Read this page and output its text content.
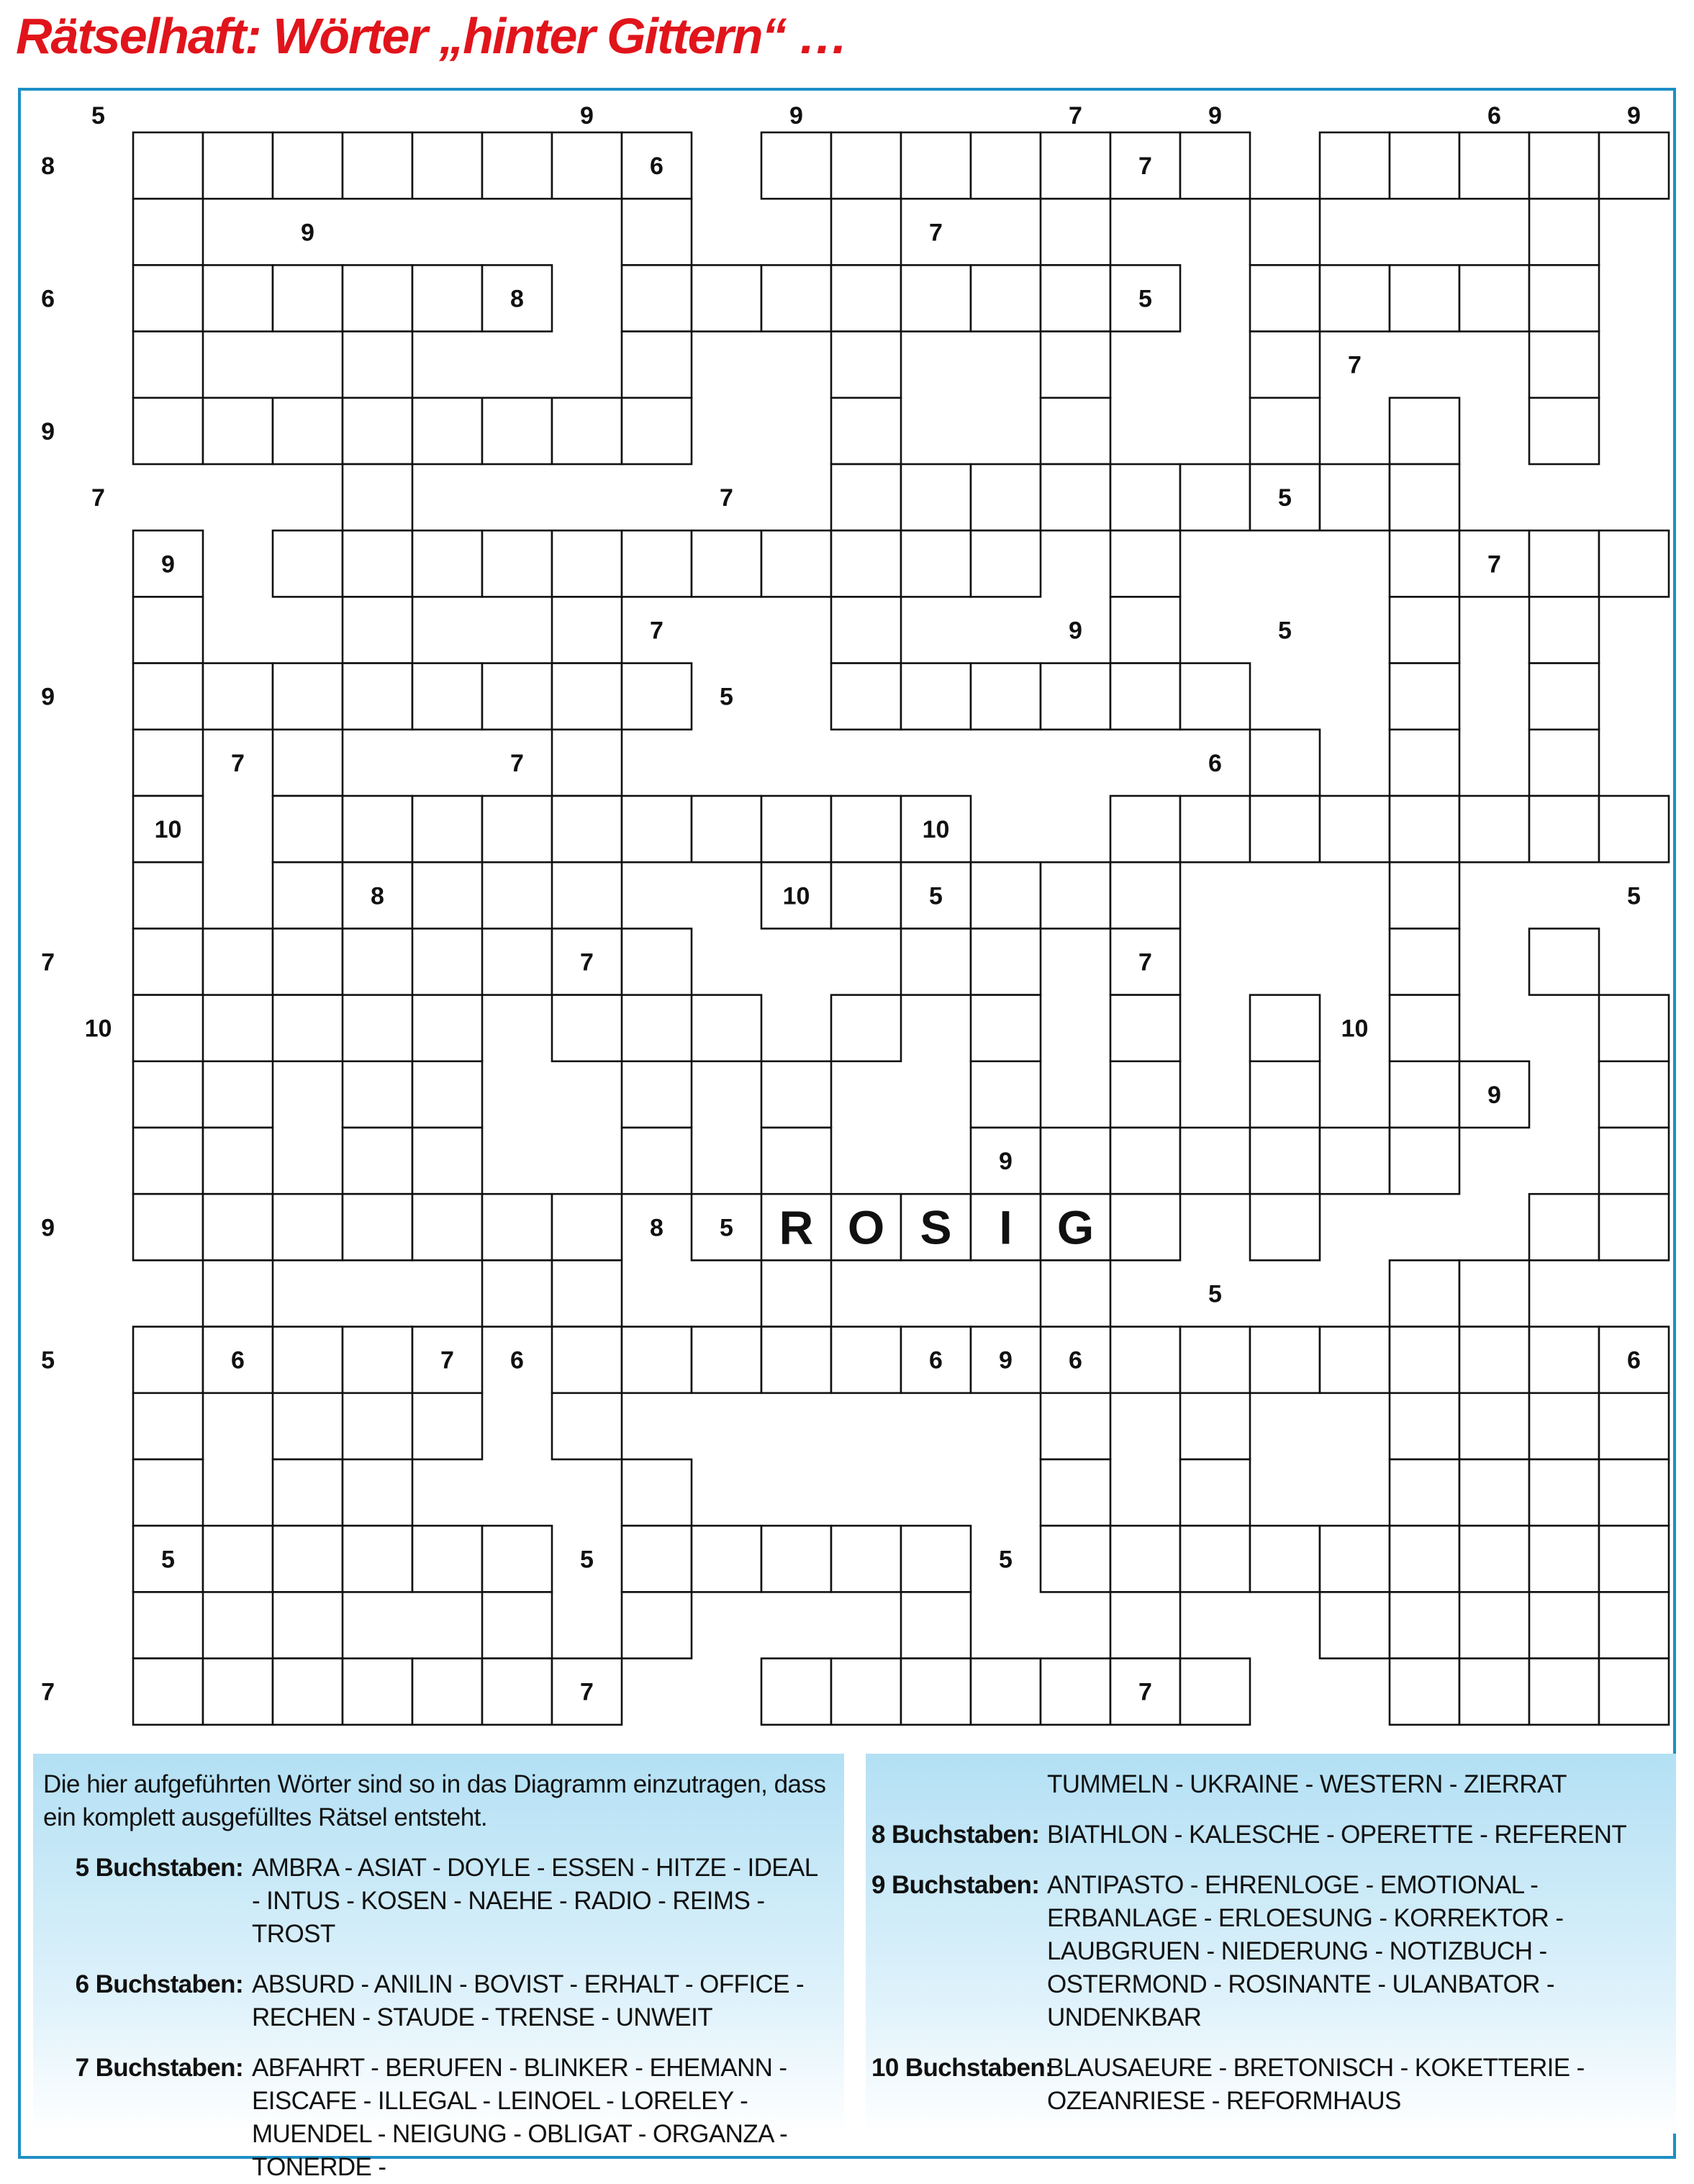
Rätselhaft: Wörter „hinter Gittern“ …
R O S I G
5	9	9	7	9	6	9
8	6	7
9	7
6	8	5
7
9
7	5
7
9	7
7	9	5
9	5
7	7	6
10	10
8	10	5	5
7	7	7
10	10
9
9
8
9	5
5
6	6	6	6	6
5	7	9
5	5	5
7	7	7
Die hier aufgeführten Wörter sind so in das Diagramm einzutragen, dass ein komplett ausgefülltes Rätsel entsteht.
5 Buchstaben: AMBRA - ASIAT - DOYLE - ESSEN - HITZE - IDEAL - INTUS - KOSEN - NAEHE - RADIO - REIMS - TROST
6 Buchstaben: ABSURD - ANILIN - BOVIST - ERHALT - OFFICE - RECHEN - STAUDE - TRENSE - UNWEIT
7 Buchstaben: ABFAHRT - BERUFEN - BLINKER - EHEMANN - EISCAFE - ILLEGAL - LEINOEL - LORELEY - MUENDEL - NEIGUNG - OBLIGAT - ORGANZA - TONERDE -
TUMMELN - UKRAINE - WESTERN - ZIERRAT
8 Buchstaben: BIATHLON - KALESCHE - OPERETTE - REFERENT
9 Buchstaben: ANTIPASTO - EHRENLOGE - EMOTIONAL - ERBANLAGE - ERLOESUNG - KORREKTOR - LAUBGRUEN - NIEDERUNG - NOTIZBUCH - OSTERMOND - ROSINANTE - ULANBATOR - UNDENKBAR
10 Buchstaben:
BLAUSAEURE - BRETONISCH - KOKETTERIE - OZEANRIESE - REFORMHAUS
